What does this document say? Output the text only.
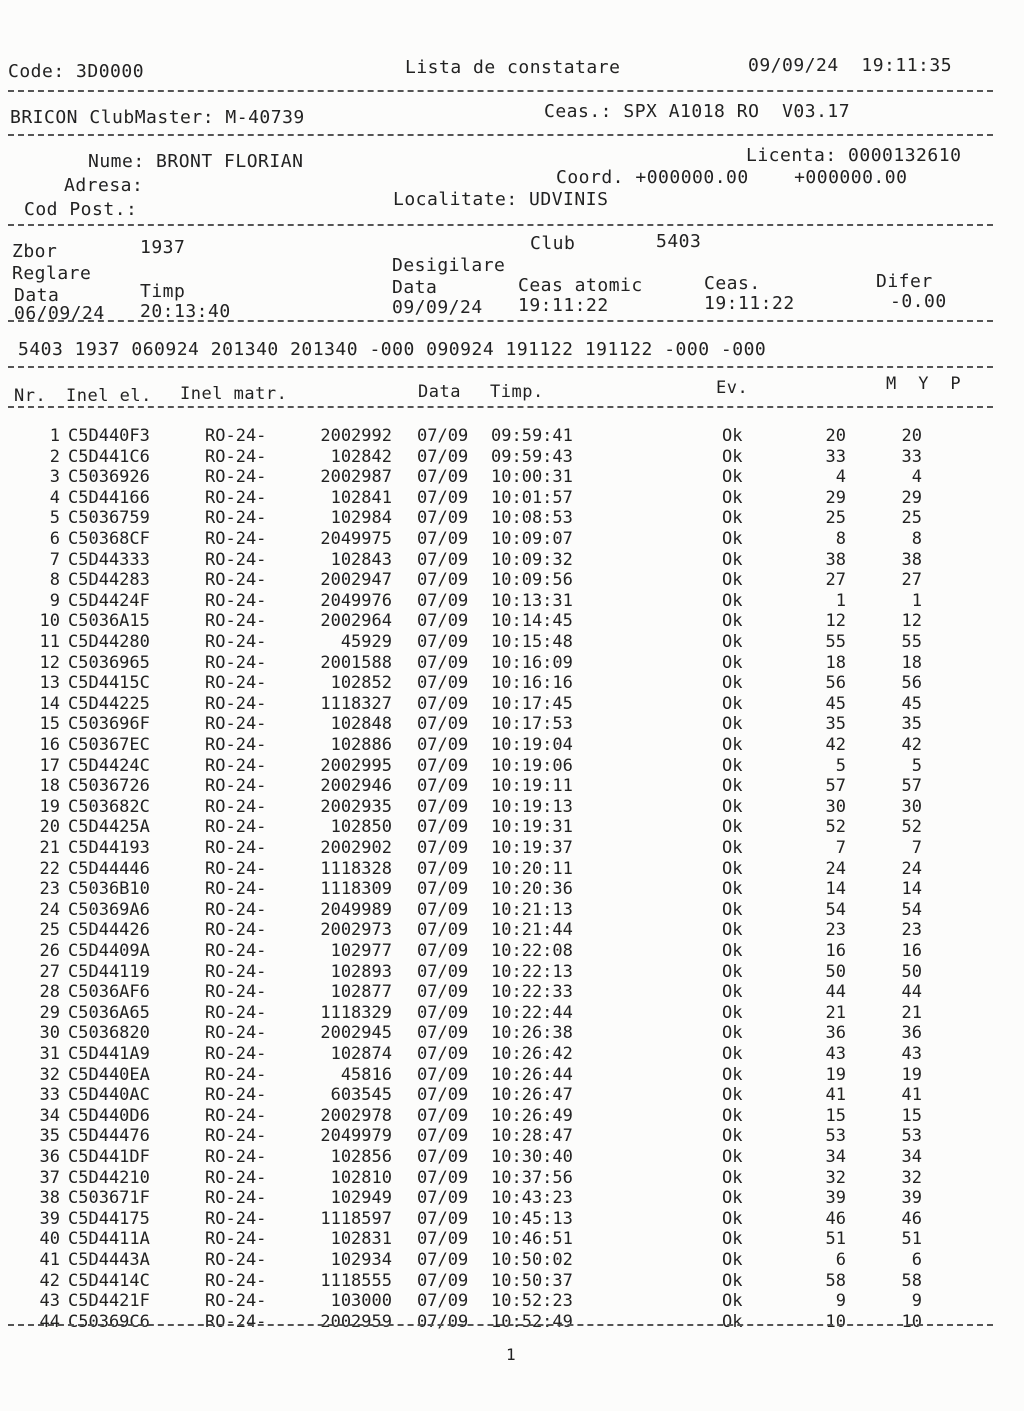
Code: 3D0000	Lista de constatare	09/09/24  19:11:35
BRICON ClubMaster: M-40739	Ceas.: SPX A1018 RO  V03.17
Nume: BRONT FLORIAN	Licenta: 0000132610
Adresa:	Coord. +000000.00    +000000.00
Cod Post.:	Localitate: UDVINIS
Zbor	1937	Club	5403
Reglare	Desigilare
Data	Timp	Data	Ceas atomic	Ceas.	Difer
06/09/24 20:13:40	09/09/24 19:11:22	19:11:22	-0.00
5403 1937 060924 201340 201340 -000 090924 191122 191122 -000 -000
Nr. Inel el. Inel matr.	Data Timp.	Ev.	M  Y  P
1 C5D440F3	RO-24-	2002992 07/09 09:59:41	Ok	20	20
2 C5D441C6	RO-24-	102842 07/09 09:59:43	Ok	33	33
3 C5036926	RO-24-	2002987 07/09 10:00:31	Ok	4	4
4 C5D44166	RO-24-	102841 07/09 10:01:57	Ok	29	29
5 C5036759	RO-24-	102984 07/09 10:08:53	Ok	25	25
6 C50368CF	RO-24-	2049975 07/09 10:09:07	Ok	8	8
7 C5D44333	RO-24-	102843 07/09 10:09:32	Ok	38	38
8 C5D44283	RO-24-	2002947 07/09 10:09:56	Ok	27	27
9 C5D4424F	RO-24-	2049976 07/09 10:13:31	Ok	1	1
10 C5036A15	RO-24-	2002964 07/09 10:14:45	Ok	12	12
11 C5D44280	RO-24-	45929 07/09 10:15:48	Ok	55	55
12 C5036965	RO-24-	2001588 07/09 10:16:09	Ok	18	18
13 C5D4415C	RO-24-	102852 07/09 10:16:16	Ok	56	56
14 C5D44225	RO-24-	1118327 07/09 10:17:45	Ok	45	45
15 C503696F	RO-24-	102848 07/09 10:17:53	Ok	35	35
16 C50367EC	RO-24-	102886 07/09 10:19:04	Ok	42	42
17 C5D4424C	RO-24-	2002995 07/09 10:19:06	Ok	5	5
18 C5036726	RO-24-	2002946 07/09 10:19:11	Ok	57	57
19 C503682C	RO-24-	2002935 07/09 10:19:13	Ok	30	30
20 C5D4425A	RO-24-	102850 07/09 10:19:31	Ok	52	52
21 C5D44193	RO-24-	2002902 07/09 10:19:37	Ok	7	7
22 C5D44446	RO-24-	1118328 07/09 10:20:11	Ok	24	24
23 C5036B10	RO-24-	1118309 07/09 10:20:36	Ok	14	14
24 C50369A6	RO-24-	2049989 07/09 10:21:13	Ok	54	54
25 C5D44426	RO-24-	2002973 07/09 10:21:44	Ok	23	23
26 C5D4409A	RO-24-	102977 07/09 10:22:08	Ok	16	16
27 C5D44119	RO-24-	102893 07/09 10:22:13	Ok	50	50
28 C5036AF6	RO-24-	102877 07/09 10:22:33	Ok	44	44
29 C5036A65	RO-24-	1118329 07/09 10:22:44	Ok	21	21
30 C5036820	RO-24-	2002945 07/09 10:26:38	Ok	36	36
31 C5D441A9	RO-24-	102874 07/09 10:26:42	Ok	43	43
32 C5D440EA	RO-24-	45816 07/09 10:26:44	Ok	19	19
33 C5D440AC	RO-24-	603545 07/09 10:26:47	Ok	41	41
34 C5D440D6	RO-24-	2002978 07/09 10:26:49	Ok	15	15
35 C5D44476	RO-24-	2049979 07/09 10:28:47	Ok	53	53
36 C5D441DF	RO-24-	102856 07/09 10:30:40	Ok	34	34
37 C5D44210	RO-24-	102810 07/09 10:37:56	Ok	32	32
38 C503671F	RO-24-	102949 07/09 10:43:23	Ok	39	39
39 C5D44175	RO-24-	1118597 07/09 10:45:13	Ok	46	46
40 C5D4411A	RO-24-	102831 07/09 10:46:51	Ok	51	51
41 C5D4443A	RO-24-	102934 07/09 10:50:02	Ok	6	6
42 C5D4414C	RO-24-	1118555 07/09 10:50:37	Ok	58	58
43 C5D4421F	RO-24-	103000 07/09 10:52:23	Ok	9	9
44 C50369C6	RO-24-	2002959 07/09 10:52:49	Ok	10	10
1
